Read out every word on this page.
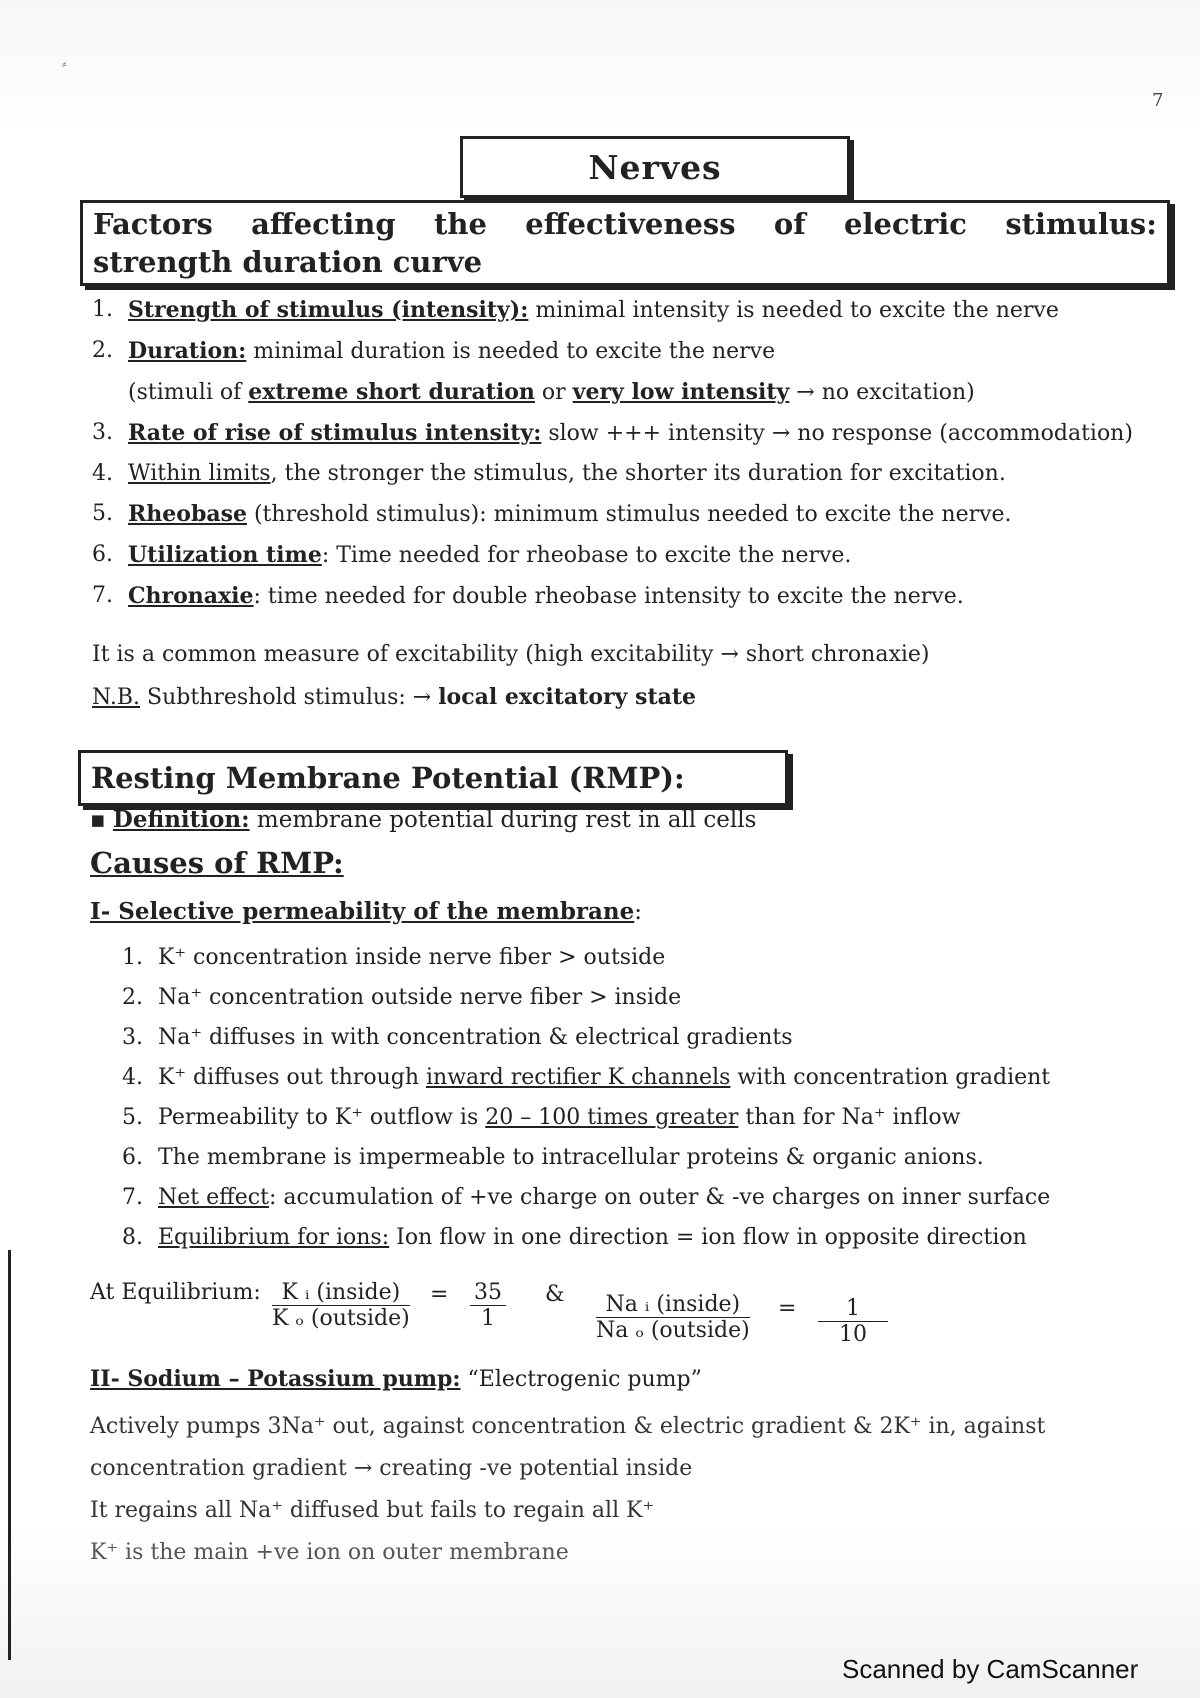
⸗
7
Nerves
Factors affecting the effectiveness of electric stimulus:
strength duration curve
1. Strength of stimulus (intensity): minimal intensity is needed to excite the nerve
2. Duration: minimal duration is needed to excite the nerve
(stimuli of extreme short duration or very low intensity → no excitation)
3. Rate of rise of stimulus intensity: slow +++ intensity → no response (accommodation)
4. Within limits, the stronger the stimulus, the shorter its duration for excitation.
5. Rheobase (threshold stimulus): minimum stimulus needed to excite the nerve.
6. Utilization time: Time needed for rheobase to excite the nerve.
7. Chronaxie: time needed for double rheobase intensity to excite the nerve.
It is a common measure of excitability (high excitability → short chronaxie)
N.B. Subthreshold stimulus: → local excitatory state
Resting Membrane Potential (RMP):
▪ Definition: membrane potential during rest in all cells
Causes of RMP:
I- Selective permeability of the membrane:
1. K⁺ concentration inside nerve fiber > outside
2. Na⁺ concentration outside nerve fiber > inside
3. Na⁺ diffuses in with concentration & electrical gradients
4. K⁺ diffuses out through inward rectifier K channels with concentration gradient
5. Permeability to K⁺ outflow is 20 – 100 times greater than for Na⁺ inflow
6. The membrane is impermeable to intracellular proteins & organic anions.
7. Net effect: accumulation of +ve charge on outer & -ve charges on inner surface
8. Equilibrium for ions: Ion flow in one direction = ion flow in opposite direction
At Equilibrium: K ᵢ (inside)
K ₒ (outside)
= $\frac{35}{1}$ &	Na ᵢ (inside)
Na ₒ (outside)
= $\frac{1}{10}$
II- Sodium – Potassium pump: “Electrogenic pump”
Actively pumps 3Na⁺ out, against concentration & electric gradient & 2K⁺ in, against
concentration gradient → creating -ve potential inside
It regains all Na⁺ diffused but fails to regain all K⁺
K⁺ is the main +ve ion on outer membrane
Scanned by CamScanner
